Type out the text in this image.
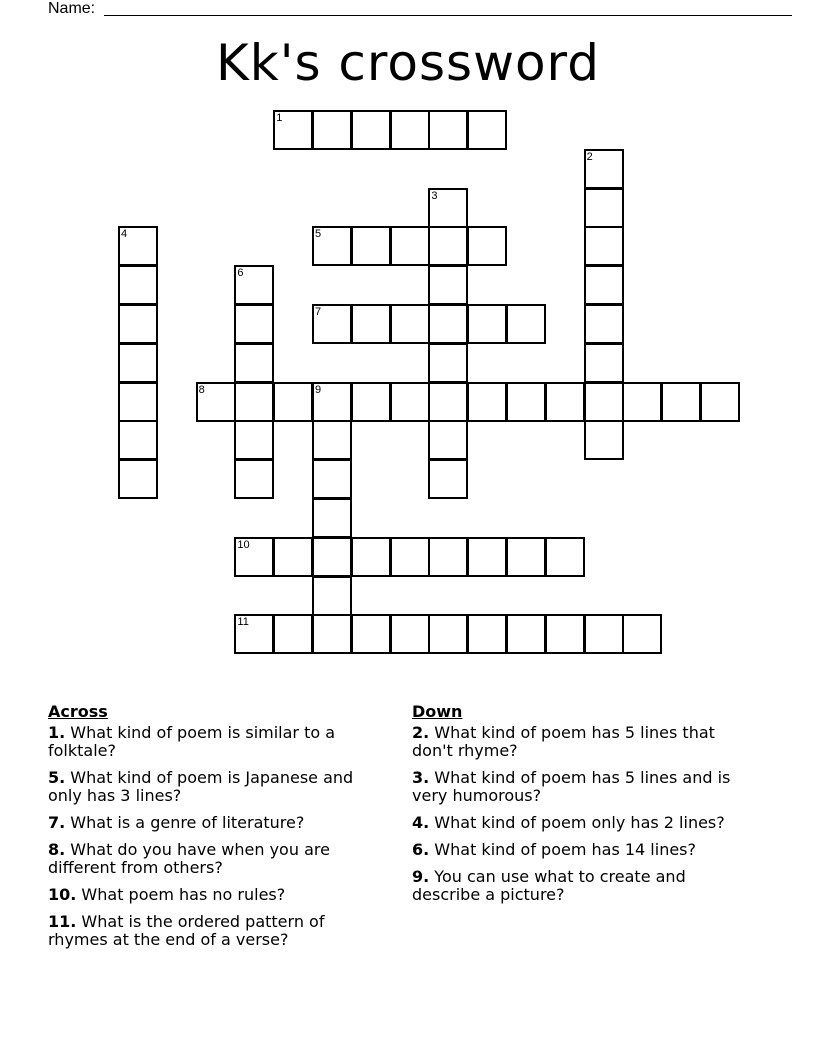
Name:
Kk's crossword
1
2
3
4	5
6
7
8	9
10
11
Across
1. What kind of poem is similar to a folktale?
5. What kind of poem is Japanese and only has 3 lines?
7. What is a genre of literature?
8. What do you have when you are different from others?
10. What poem has no rules?
11. What is the ordered pattern of rhymes at the end of a verse?
Down
2. What kind of poem has 5 lines that don't rhyme?
3. What kind of poem has 5 lines and is very humorous?
4. What kind of poem only has 2 lines?
6. What kind of poem has 14 lines?
9. You can use what to create and describe a picture?
